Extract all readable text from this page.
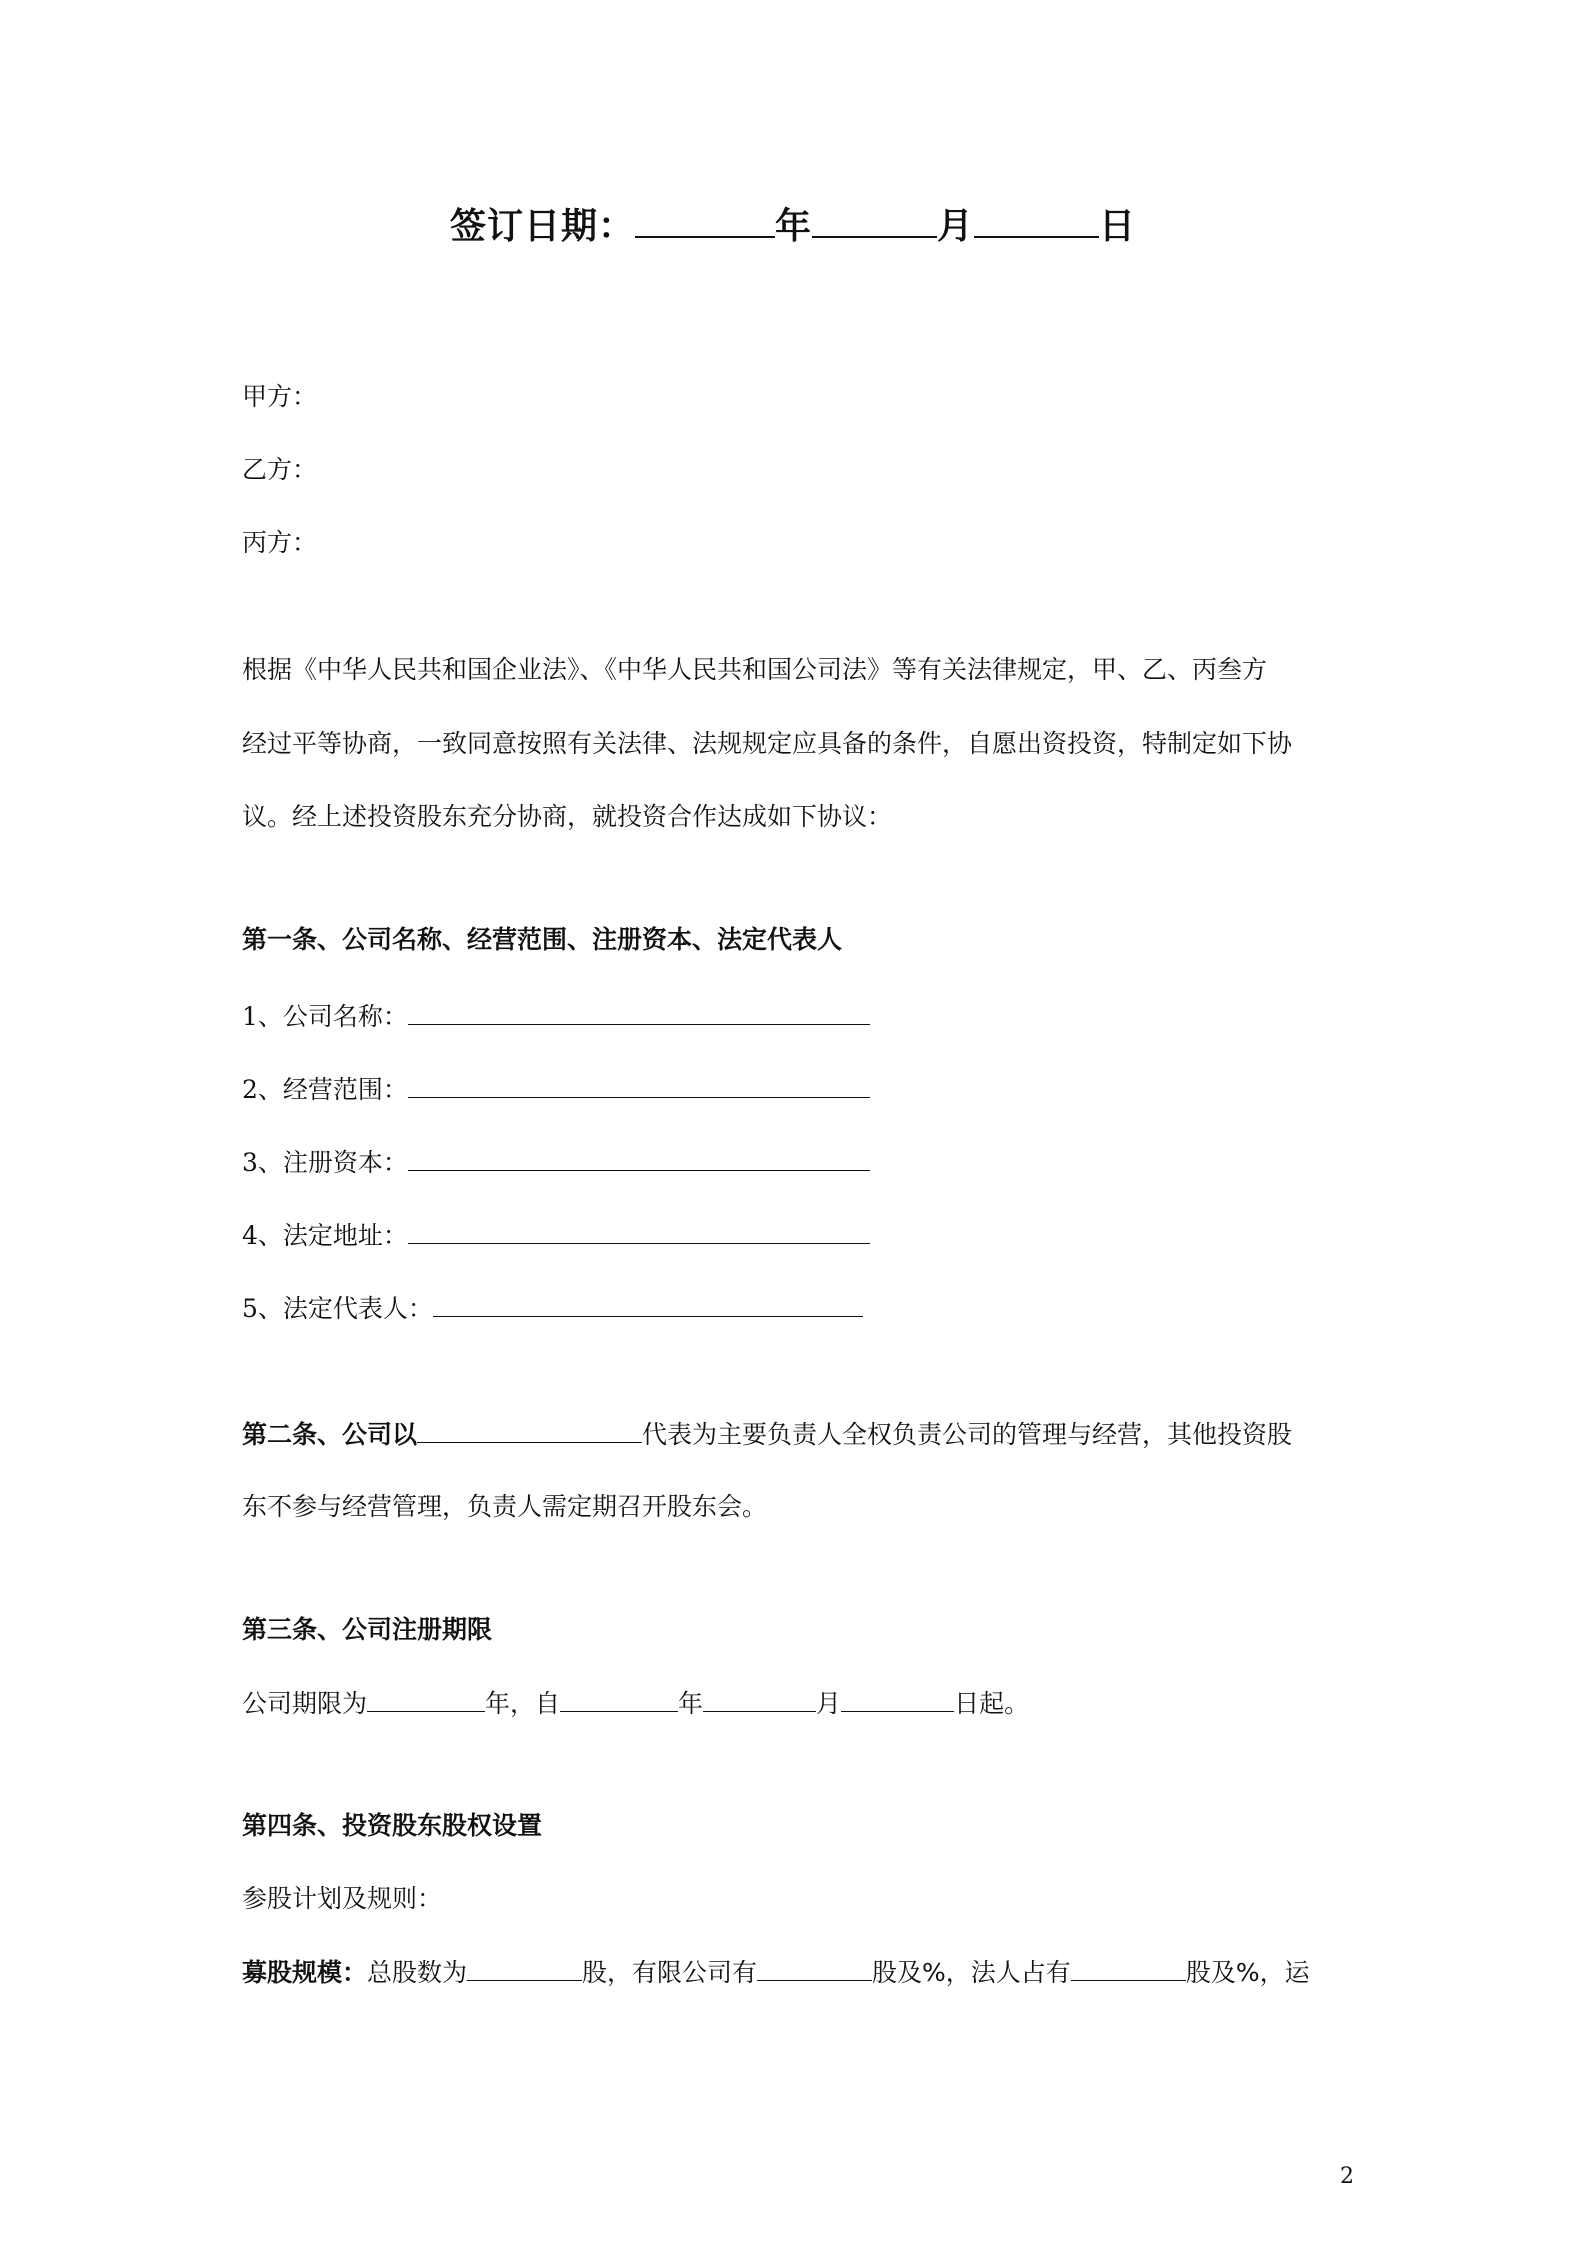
签订日期：	年	月	日
甲方：
乙方：
丙方：
根据《中华人民共和国企业法》、《中华人民共和国公司法》等有关法律规定，甲、乙、丙叁方
经过平等协商，一致同意按照有关法律、法规规定应具备的条件，自愿出资投资，特制定如下协
议。经上述投资股东充分协商，就投资合作达成如下协议：
第一条、公司名称、经营范围、注册资本、法定代表人
1、公司名称：
2、经营范围：
3、注册资本：
4、法定地址：
5、法定代表人：
第二条、公司以	代表为主要负责人全权负责公司的管理与经营，其他投资股
东不参与经营管理，负责人需定期召开股东会。
第三条、公司注册期限
公司期限为	年，自	年	月	日起。
第四条、投资股东股权设置
参股计划及规则：
募股规模：总股数为	股，有限公司有	股及%，法人占有	股及%，运
2
